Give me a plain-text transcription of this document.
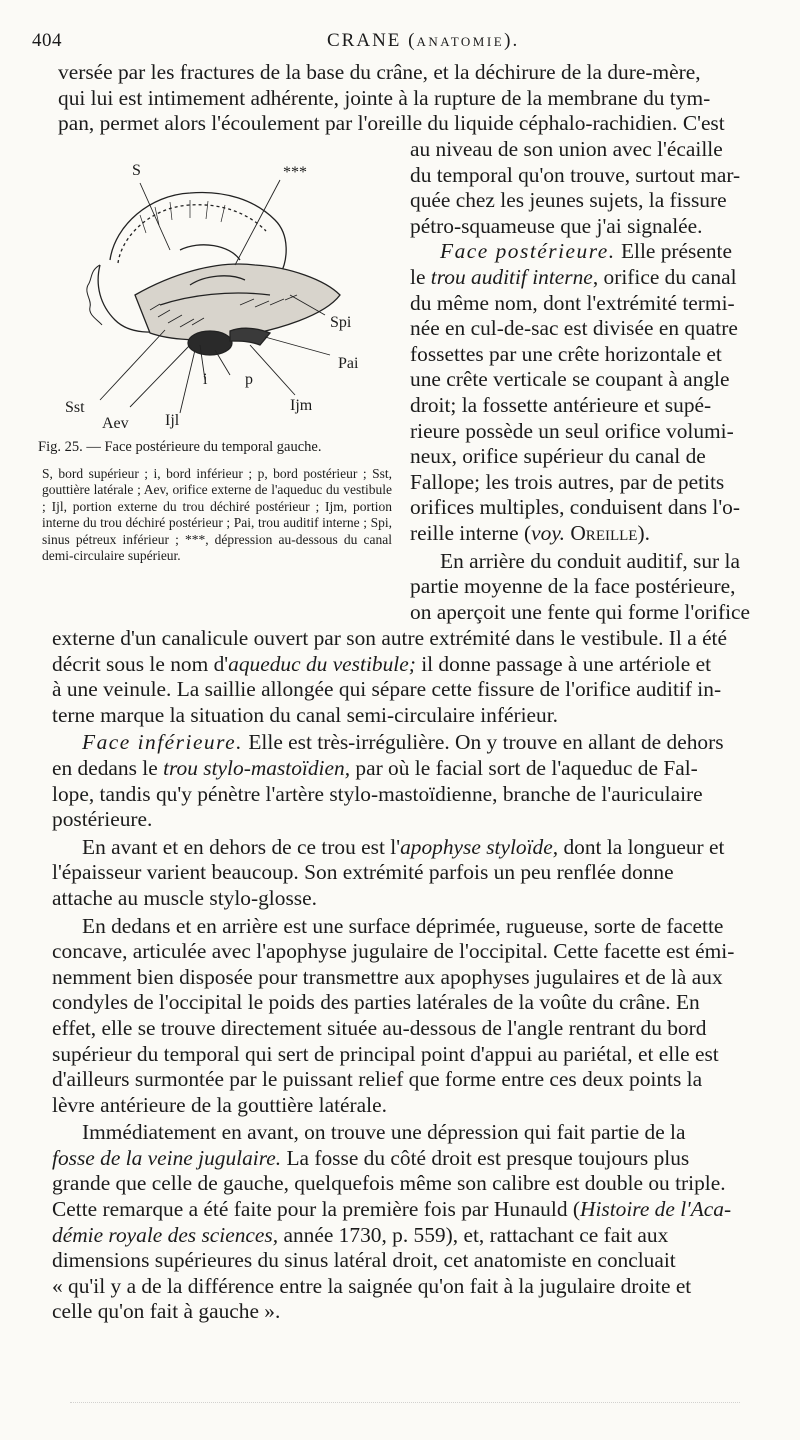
404	CRANE (ANATOMIE).

versée par les fractures de la base du crâne, et la déchirure de la dure-mère,
qui lui est intimement adhérente, jointe à la rupture de la membrane du tym-
pan, permet alors l'écoulement par l'oreille du liquide céphalo-rachidien. C'est

S	***
Spi
Pai
Ijm
p
i
Sst
Aev Ijl
Fig. 25. — Face postérieure du temporal gauche.
S, bord supérieur ; i, bord inférieur ; p, bord postérieur ; Sst, gouttière latérale ; Aev, orifice externe de l'aqueduc du vestibule ; Ijl, portion externe du trou déchiré postérieur ; Ijm, portion interne du trou déchiré postérieur ; Pai, trou auditif interne ; Spi, sinus pétreux inférieur ; ***, dépression au-dessous du canal demi-circulaire supérieur.

au niveau de son union avec l'écaille
du temporal qu'on trouve, surtout mar-
quée chez les jeunes sujets, la fissure
pétro-squameuse que j'ai signalée.

Face postérieure. Elle présente
le trou auditif interne, orifice du canal
du même nom, dont l'extrémité termi-
née en cul-de-sac est divisée en quatre
fossettes par une crête horizontale et
une crête verticale se coupant à angle
droit; la fossette antérieure et supé-
rieure possède un seul orifice volumi-
neux, orifice supérieur du canal de
Fallope; les trois autres, par de petits
orifices multiples, conduisent dans l'o-
reille interne (voy. Oreille).

En arrière du conduit auditif, sur la
partie moyenne de la face postérieure,
on aperçoit une fente qui forme l'orifice

externe d'un canalicule ouvert par son autre extrémité dans le vestibule. Il a été
décrit sous le nom d'aqueduc du vestibule; il donne passage à une artériole et
à une veinule. La saillie allongée qui sépare cette fissure de l'orifice auditif in-
terne marque la situation du canal semi-circulaire inférieur.

Face inférieure. Elle est très-irrégulière. On y trouve en allant de dehors
en dedans le trou stylo-mastoïdien, par où le facial sort de l'aqueduc de Fal-
lope, tandis qu'y pénètre l'artère stylo-mastoïdienne, branche de l'auriculaire
postérieure.

En avant et en dehors de ce trou est l'apophyse styloïde, dont la longueur et
l'épaisseur varient beaucoup. Son extrémité parfois un peu renflée donne
attache au muscle stylo-glosse.

En dedans et en arrière est une surface déprimée, rugueuse, sorte de facette
concave, articulée avec l'apophyse jugulaire de l'occipital. Cette facette est émi-
nemment bien disposée pour transmettre aux apophyses jugulaires et de là aux
condyles de l'occipital le poids des parties latérales de la voûte du crâne. En
effet, elle se trouve directement située au-dessous de l'angle rentrant du bord
supérieur du temporal qui sert de principal point d'appui au pariétal, et elle est
d'ailleurs surmontée par le puissant relief que forme entre ces deux points la
lèvre antérieure de la gouttière latérale.

Immédiatement en avant, on trouve une dépression qui fait partie de la
fosse de la veine jugulaire. La fosse du côté droit est presque toujours plus
grande que celle de gauche, quelquefois même son calibre est double ou triple.
Cette remarque a été faite pour la première fois par Hunauld (Histoire de l'Aca-
démie royale des sciences, année 1730, p. 559), et, rattachant ce fait aux
dimensions supérieures du sinus latéral droit, cet anatomiste en concluait
« qu'il y a de la différence entre la saignée qu'on fait à la jugulaire droite et
celle qu'on fait à gauche ».
